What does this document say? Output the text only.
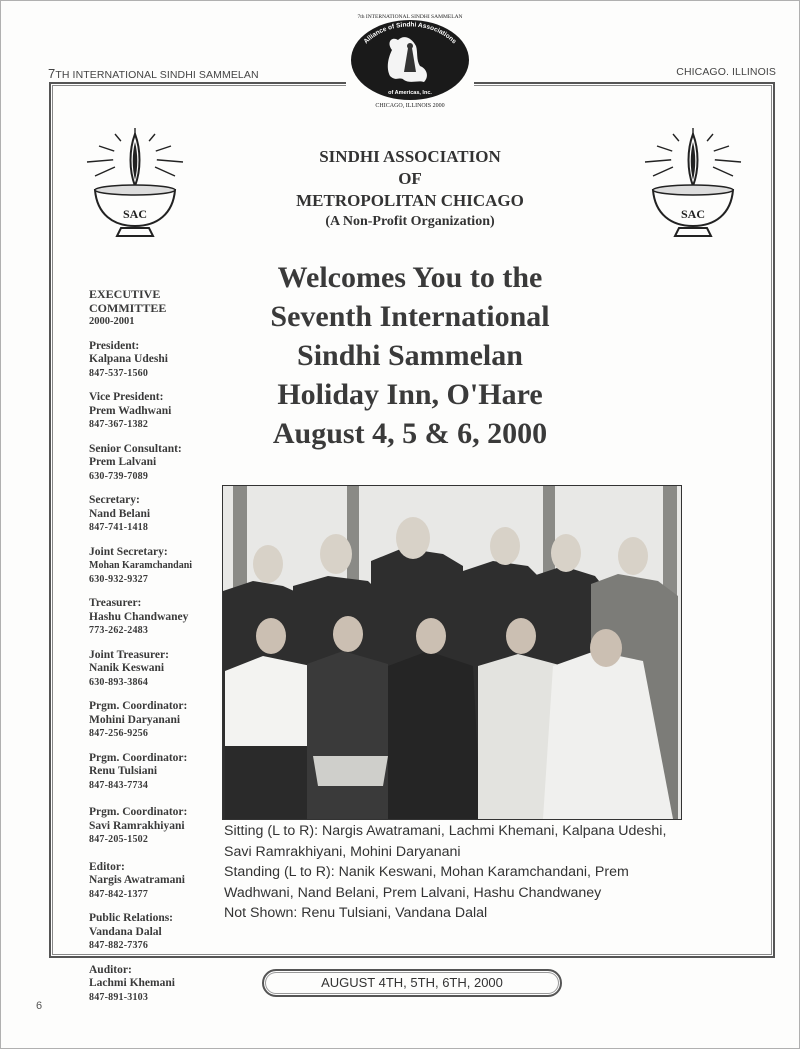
7TH INTERNATIONAL SINDHI SAMMELAN	CHICAGO. ILLINOIS
Alliance of Sindhi Associations
7th INTERNATIONAL SINDHI SAMMELAN
of Americas, Inc.
CHICAGO, ILLINOIS 2000
SAC	SAC
SINDHI ASSOCIATION
OF
METROPOLITAN CHICAGO
(A Non-Profit Organization)
Welcomes You to the
Seventh International
Sindhi Sammelan
Holiday Inn, O'Hare
August 4, 5 & 6, 2000
EXECUTIVE
COMMITTEE
2000-2001
President:
Kalpana Udeshi
847-537-1560
Vice President:
Prem Wadhwani
847-367-1382
Senior Consultant:
Prem Lalvani
630-739-7089
Secretary:
Nand Belani
847-741-1418
Joint Secretary:
Mohan Karamchandani
630-932-9327
Treasurer:
Hashu Chandwaney
773-262-2483
Joint Treasurer:
Nanik Keswani
630-893-3864
Prgm. Coordinator:
Mohini Daryanani
847-256-9256
Prgm. Coordinator:
Renu Tulsiani
847-843-7734
Prgm. Coordinator:
Savi Ramrakhiyani
847-205-1502
Editor:
Nargis Awatramani
847-842-1377
Public Relations:
Vandana Dalal
847-882-7376
Auditor:
Lachmi Khemani
847-891-3103
Sitting (L to R): Nargis Awatramani, Lachmi Khemani, Kalpana Udeshi, Savi Ramrakhiyani, Mohini Daryanani
Standing (L to R): Nanik Keswani, Mohan Karamchandani, Prem Wadhwani, Nand Belani, Prem Lalvani, Hashu Chandwaney
Not Shown: Renu Tulsiani, Vandana Dalal
AUGUST 4TH, 5TH, 6TH, 2000
6
